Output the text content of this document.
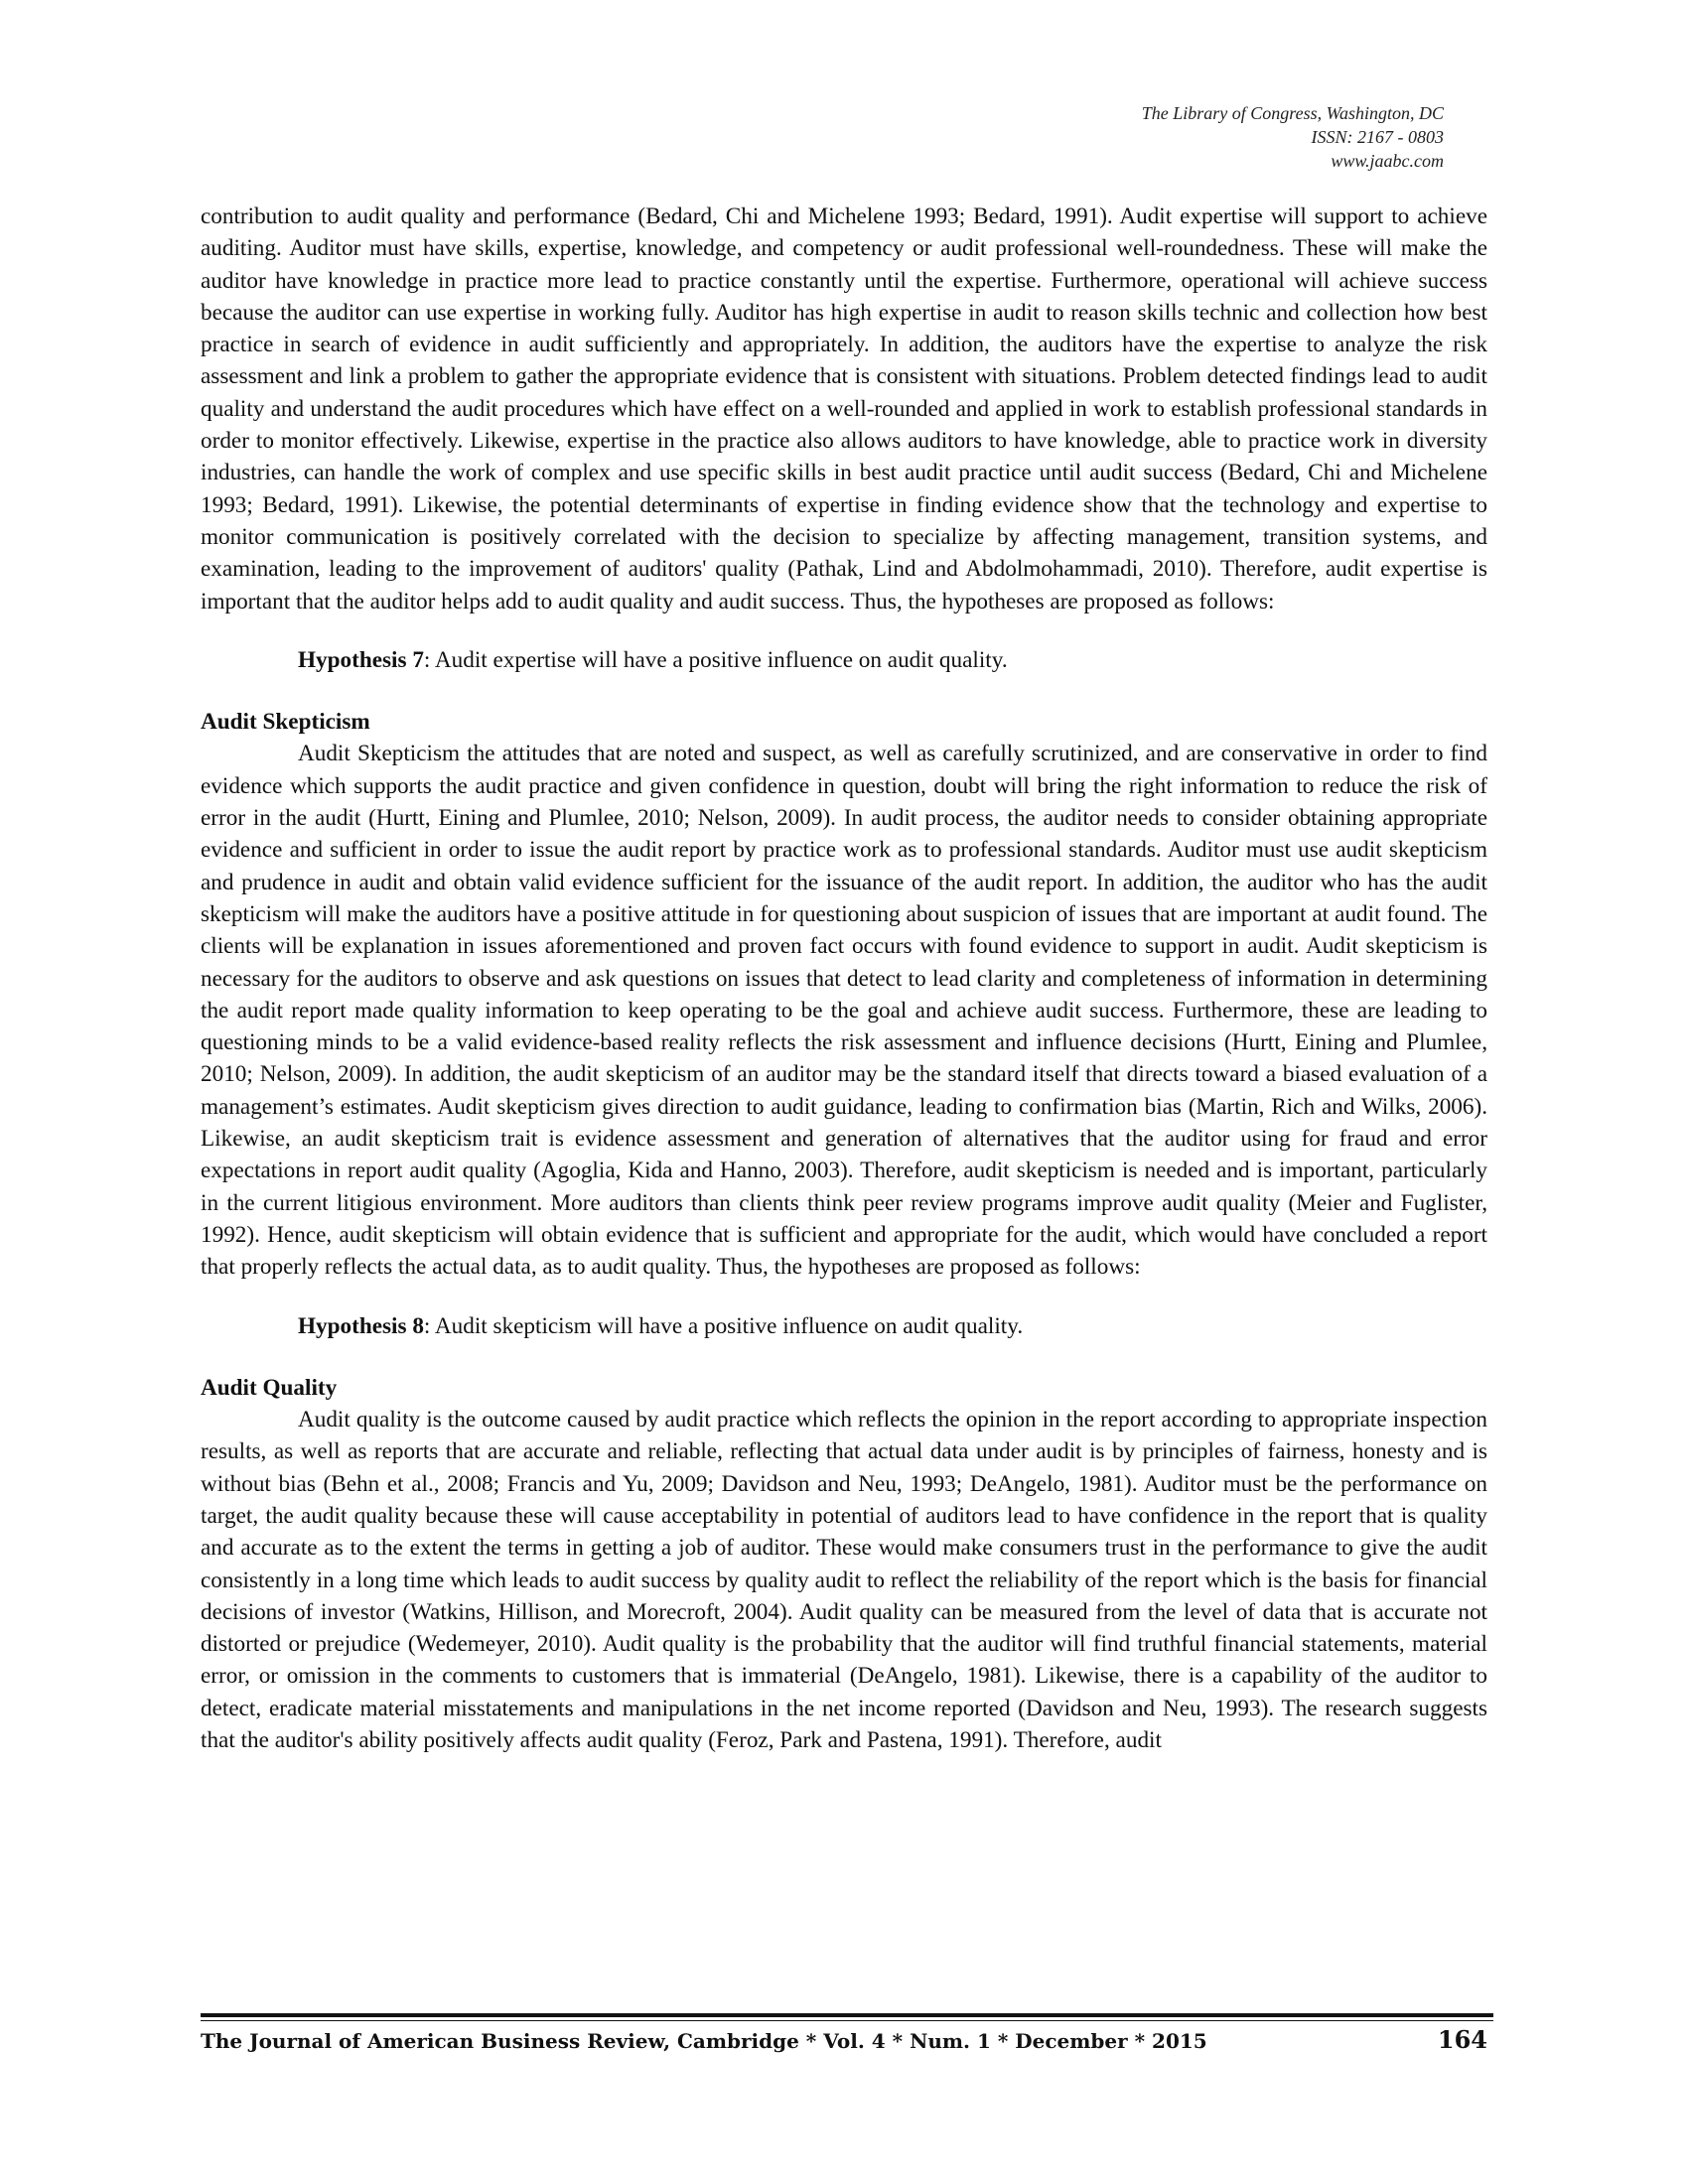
The Library of Congress, Washington, DC
ISSN: 2167 - 0803
www.jaabc.com

contribution to audit quality and performance (Bedard, Chi and Michelene 1993; Bedard, 1991). Audit expertise will support to achieve auditing. Auditor must have skills, expertise, knowledge, and competency or audit professional well-roundedness. These will make the auditor have knowledge in practice more lead to practice constantly until the expertise. Furthermore, operational will achieve success because the auditor can use expertise in working fully. Auditor has high expertise in audit to reason skills technic and collection how best practice in search of evidence in audit sufficiently and appropriately. In addition, the auditors have the expertise to analyze the risk assessment and link a problem to gather the appropriate evidence that is consistent with situations. Problem detected findings lead to audit quality and understand the audit procedures which have effect on a well-rounded and applied in work to establish professional standards in order to monitor effectively. Likewise, expertise in the practice also allows auditors to have knowledge, able to practice work in diversity industries, can handle the work of complex and use specific skills in best audit practice until audit success (Bedard, Chi and Michelene 1993; Bedard, 1991). Likewise, the potential determinants of expertise in finding evidence show that the technology and expertise to monitor communication is positively correlated with the decision to specialize by affecting management, transition systems, and examination, leading to the improvement of auditors' quality (Pathak, Lind and Abdolmohammadi, 2010). Therefore, audit expertise is important that the auditor helps add to audit quality and audit success. Thus, the hypotheses are proposed as follows:

Hypothesis 7: Audit expertise will have a positive influence on audit quality.

Audit Skepticism

Audit Skepticism the attitudes that are noted and suspect, as well as carefully scrutinized, and are conservative in order to find evidence which supports the audit practice and given confidence in question, doubt will bring the right information to reduce the risk of error in the audit (Hurtt, Eining and Plumlee, 2010; Nelson, 2009). In audit process, the auditor needs to consider obtaining appropriate evidence and sufficient in order to issue the audit report by practice work as to professional standards. Auditor must use audit skepticism and prudence in audit and obtain valid evidence sufficient for the issuance of the audit report. In addition, the auditor who has the audit skepticism will make the auditors have a positive attitude in for questioning about suspicion of issues that are important at audit found. The clients will be explanation in issues aforementioned and proven fact occurs with found evidence to support in audit. Audit skepticism is necessary for the auditors to observe and ask questions on issues that detect to lead clarity and completeness of information in determining the audit report made quality information to keep operating to be the goal and achieve audit success. Furthermore, these are leading to questioning minds to be a valid evidence-based reality reflects the risk assessment and influence decisions (Hurtt, Eining and Plumlee, 2010; Nelson, 2009). In addition, the audit skepticism of an auditor may be the standard itself that directs toward a biased evaluation of a management’s estimates. Audit skepticism gives direction to audit guidance, leading to confirmation bias (Martin, Rich and Wilks, 2006). Likewise, an audit skepticism trait is evidence assessment and generation of alternatives that the auditor using for fraud and error expectations in report audit quality (Agoglia, Kida and Hanno, 2003). Therefore, audit skepticism is needed and is important, particularly in the current litigious environment. More auditors than clients think peer review programs improve audit quality (Meier and Fuglister, 1992). Hence, audit skepticism will obtain evidence that is sufficient and appropriate for the audit, which would have concluded a report that properly reflects the actual data, as to audit quality. Thus, the hypotheses are proposed as follows:

Hypothesis 8: Audit skepticism will have a positive influence on audit quality.

Audit Quality

Audit quality is the outcome caused by audit practice which reflects the opinion in the report according to appropriate inspection results, as well as reports that are accurate and reliable, reflecting that actual data under audit is by principles of fairness, honesty and is without bias (Behn et al., 2008; Francis and Yu, 2009; Davidson and Neu, 1993; DeAngelo, 1981). Auditor must be the performance on target, the audit quality because these will cause acceptability in potential of auditors lead to have confidence in the report that is quality and accurate as to the extent the terms in getting a job of auditor. These would make consumers trust in the performance to give the audit consistently in a long time which leads to audit success by quality audit to reflect the reliability of the report which is the basis for financial decisions of investor (Watkins, Hillison, and Morecroft, 2004). Audit quality can be measured from the level of data that is accurate not distorted or prejudice (Wedemeyer, 2010). Audit quality is the probability that the auditor will find truthful financial statements, material error, or omission in the comments to customers that is immaterial (DeAngelo, 1981). Likewise, there is a capability of the auditor to detect, eradicate material misstatements and manipulations in the net income reported (Davidson and Neu, 1993). The research suggests that the auditor's ability positively affects audit quality (Feroz, Park and Pastena, 1991). Therefore, audit

The Journal of American Business Review, Cambridge * Vol. 4 * Num. 1 * December * 2015	164
